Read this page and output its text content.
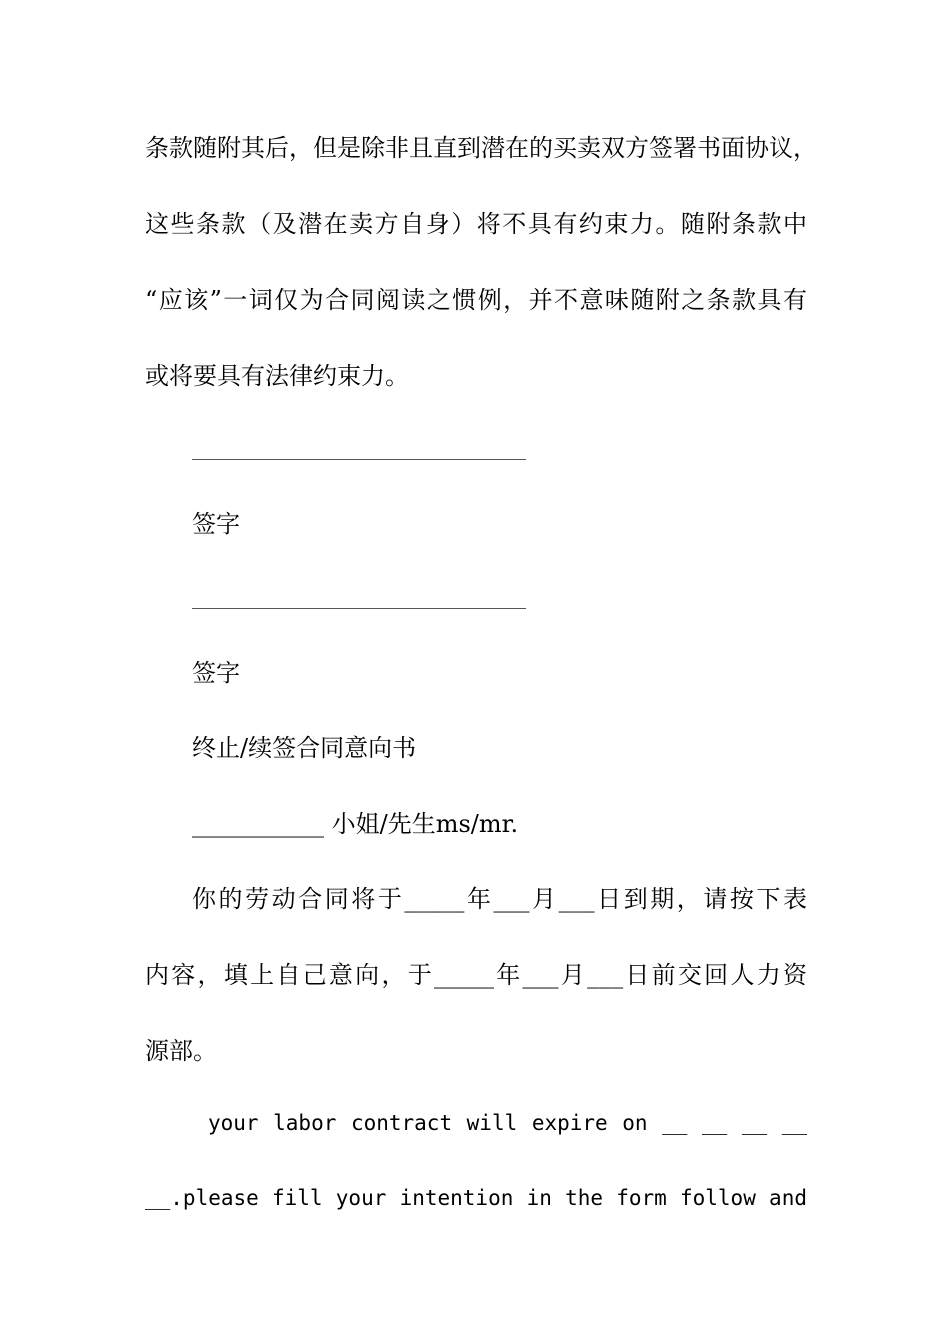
条款随附其后，但是除非且直到潜在的买卖双方签署书面协议，
这些条款（及潜在卖方自身）将不具有约束力。随附条款中
“应该”一词仅为合同阅读之惯例，并不意味随附之条款具有
或将要具有法律约束力。
签字
签字
终止/续签合同意向书
___________ 小姐/先生ms/mr.
你的劳动合同将于_____年___月___日到期，请按下表
内容，填上自己意向，于_____年___月___日前交回人力资
源部。
your labor contract will expire on __ __ __ __
__.please fill your intention in the form follow and
